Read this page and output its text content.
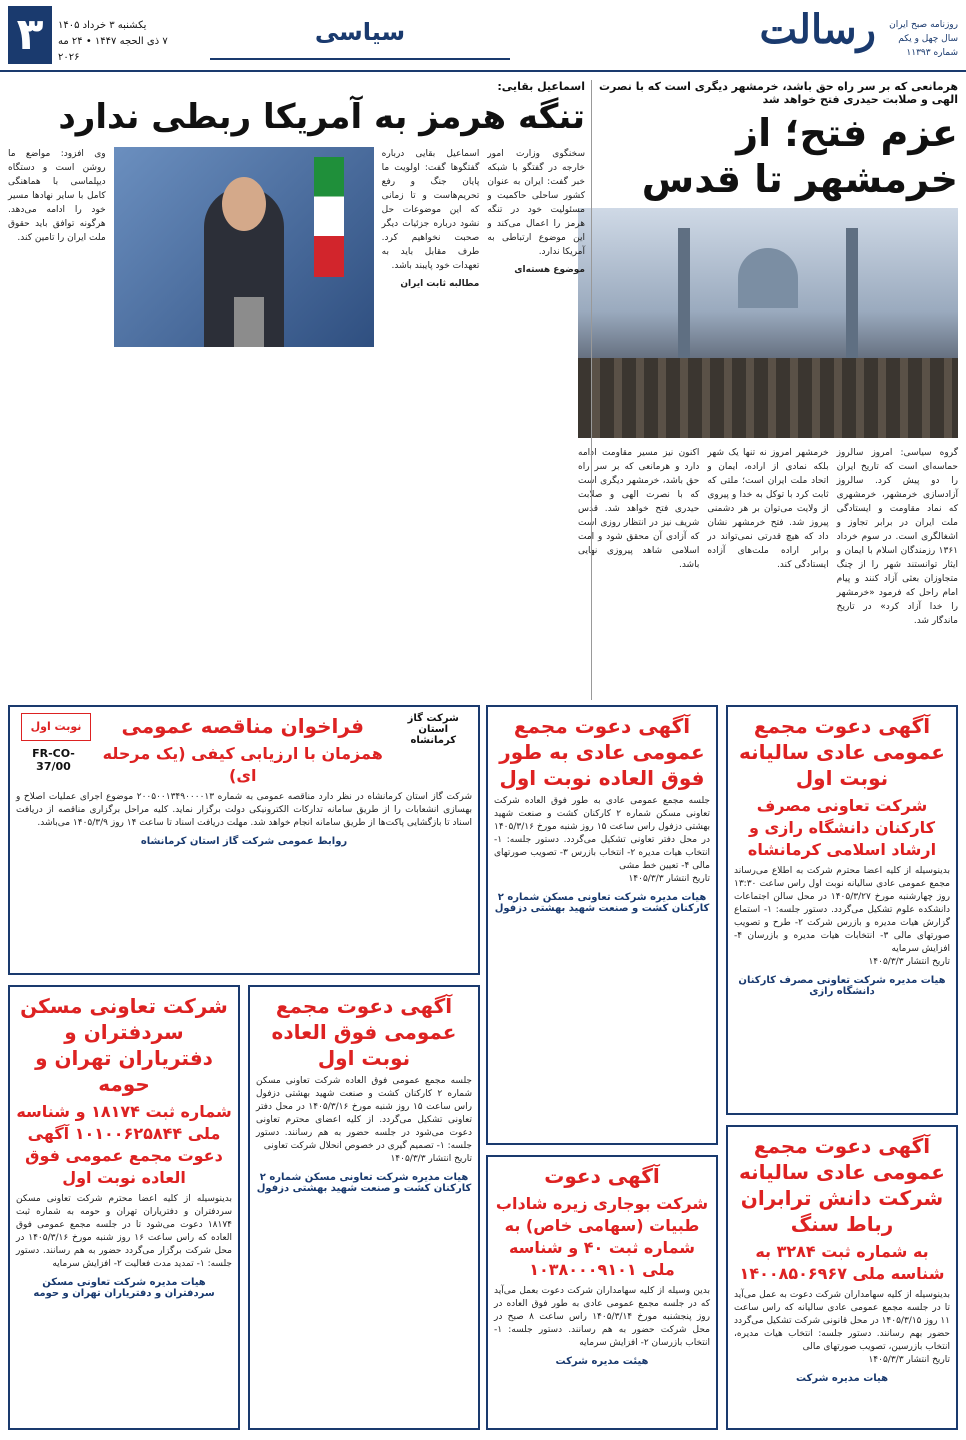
۳	یکشنبه ۳ خرداد ۱۴۰۵
۷ ذی الحجه ۱۴۴۷ • ۲۴ مه ۲۰۲۶
سیاسی	رسالت	روزنامه صبح ایران
سال چهل و یکم
شماره ۱۱۳۹۳
هرمانعی که بر سر راه حق باشد، خرمشهر دیگری است که با نصرت الهی و صلابت حیدری فتح خواهد شد
عزم فتح؛ از خرمشهر تا قدس
گروه سیاسی: امروز سالروز حماسه‌ای است که تاریخ ایران را دو پیش کرد. سالروز آزادسازی خرمشهر، خرمشهری که نماد مقاومت و ایستادگی ملت ایران در برابر تجاوز و اشغالگری است. در سوم خرداد ۱۳۶۱ رزمندگان اسلام با ایمان و ایثار توانستند شهر را از چنگ متجاوزان بعثی آزاد کنند و پیام امام راحل که فرمود «خرمشهر را خدا آزاد کرد» در تاریخ ماندگار شد.
خرمشهر امروز نه تنها یک شهر بلکه نمادی از اراده، ایمان و اتحاد ملت ایران است؛ ملتی که ثابت کرد با توکل به خدا و پیروی از ولایت می‌توان بر هر دشمنی پیروز شد. فتح خرمشهر نشان داد که هیچ قدرتی نمی‌تواند در برابر اراده ملت‌های آزاده ایستادگی کند.
اکنون نیز مسیر مقاومت ادامه دارد و هرمانعی که بر سر راه حق باشد، خرمشهر دیگری است که با نصرت الهی و صلابت حیدری فتح خواهد شد. قدس شریف نیز در انتظار روزی است که آزادی آن محقق شود و امت اسلامی شاهد پیروزی نهایی باشد.
اسماعیل بقایی:
تنگه هرمز به آمریکا ربطی ندارد
سخنگوی وزارت امور خارجه در گفتگو با شبکه خبر گفت: ایران به عنوان کشور ساحلی حاکمیت و مسئولیت خود در تنگه هرمز را اعمال می‌کند و این موضوع ارتباطی به آمریکا ندارد.
موضوع هسته‌ای
اسماعیل بقایی درباره گفتگوها گفت: اولویت ما پایان جنگ و رفع تحریم‌هاست و تا زمانی که این موضوعات حل نشود درباره جزئیات دیگر صحبت نخواهیم کرد. طرف مقابل باید به تعهدات خود پایبند باشد.
مطالبه ثابت ایران
وی افزود: مواضع ما روشن است و دستگاه دیپلماسی با هماهنگی کامل با سایر نهادها مسیر خود را ادامه می‌دهد. هرگونه توافق باید حقوق ملت ایران را تامین کند.
آگهی دعوت مجمع عمومی عادی سالیانه نوبت اول
شرکت تعاونی مصرف کارکنان دانشگاه رازی و ارشاد اسلامی کرمانشاه
بدینوسیله از کلیه اعضا محترم شرکت به اطلاع می‌رساند مجمع عمومی عادی سالیانه نوبت اول راس ساعت ۱۳:۳۰ روز چهارشنبه مورخ ۱۴۰۵/۳/۲۷ در محل سالن اجتماعات دانشکده علوم تشکیل می‌گردد. دستور جلسه: ۱- استماع گزارش هیات مدیره و بازرس شرکت ۲- طرح و تصویب صورتهای مالی ۳- انتخابات هیات مدیره و بازرسان ۴- افزایش سرمایه
تاریخ انتشار ۱۴۰۵/۳/۳
هیات مدیره شرکت تعاونی مصرف کارکنان دانشگاه رازی
آگهی دعوت مجمع عمومی عادی به طور فوق العاده نوبت اول
جلسه مجمع عمومی عادی به طور فوق العاده شرکت تعاونی مسکن شماره ۲ کارکنان کشت و صنعت شهید بهشتی دزفول راس ساعت ۱۵ روز شنبه مورخ ۱۴۰۵/۳/۱۶ در محل دفتر تعاونی تشکیل می‌گردد. دستور جلسه: ۱- انتخاب هیات مدیره ۲- انتخاب بازرس ۳- تصویب صورتهای مالی ۴- تعیین خط مشی
تاریخ انتشار ۱۴۰۵/۳/۳
هیات مدیره شرکت تعاونی مسکن شماره ۲ کارکنان کشت و صنعت شهید بهشتی دزفول
شرکت گاز استان کرمانشاه
فراخوان مناقصه عمومی
همزمان با ارزیابی کیفی (یک مرحله ای)
نوبت اول
FR-CO-37/00
شرکت گاز استان کرمانشاه در نظر دارد مناقصه عمومی به شماره ۲۰۰۵۰۰۱۳۴۹۰۰۰۰۱۳ موضوع اجرای عملیات اصلاح و بهسازی انشعابات را از طریق سامانه تدارکات الکترونیکی دولت برگزار نماید. کلیه مراحل برگزاری مناقصه از دریافت اسناد تا بازگشایی پاکت‌ها از طریق سامانه انجام خواهد شد. مهلت دریافت اسناد تا ساعت ۱۴ روز ۱۴۰۵/۳/۹ می‌باشد.
روابط عمومی شرکت گاز استان کرمانشاه
آگهی دعوت مجمع عمومی عادی سالیانه شرکت دانش ترابران رباط سنگ
به شماره ثبت ۳۲۸۴ به شناسه ملی ۱۴۰۰۸۵۰۶۹۶۷
بدینوسیله از کلیه سهامداران شرکت دعوت به عمل می‌آید تا در جلسه مجمع عمومی عادی سالیانه که راس ساعت ۱۱ روز ۱۴۰۵/۳/۱۵ در محل قانونی شرکت تشکیل می‌گردد حضور بهم رسانند. دستور جلسه: انتخاب هیات مدیره، انتخاب بازرسین، تصویب صورتهای مالی
تاریخ انتشار ۱۴۰۵/۳/۳
هیات مدیره شرکت
آگهی دعوت
شرکت بوجاری زیره شاداب طبیات (سهامی خاص) به شماره ثبت ۴۰ و شناسه ملی ۱۰۳۸۰۰۰۹۱۰۱
بدین وسیله از کلیه سهامداران شرکت دعوت بعمل می‌آید که در جلسه مجمع عمومی عادی به طور فوق العاده در روز پنجشنبه مورخ ۱۴۰۵/۳/۱۴ راس ساعت ۸ صبح در محل شرکت حضور به هم رسانند. دستور جلسه: ۱- انتخاب بازرسان ۲- افزایش سرمایه
هیئت مدیره شرکت
آگهی دعوت مجمع عمومی فوق العاده نوبت اول
جلسه مجمع عمومی فوق العاده شرکت تعاونی مسکن شماره ۲ کارکنان کشت و صنعت شهید بهشتی دزفول راس ساعت ۱۵ روز شنبه مورخ ۱۴۰۵/۳/۱۶ در محل دفتر تعاونی تشکیل می‌گردد. از کلیه اعضای محترم تعاونی دعوت می‌شود در جلسه حضور به هم رسانند. دستور جلسه: ۱- تصمیم گیری در خصوص انحلال شرکت تعاونی
تاریخ انتشار ۱۴۰۵/۳/۳
هیات مدیره شرکت تعاونی مسکن شماره ۲ کارکنان کشت و صنعت شهید بهشتی دزفول
شرکت تعاونی مسکن سردفتران و دفتریاران تهران و حومه
شماره ثبت ۱۸۱۷۴ و شناسه ملی ۱۰۱۰۰۶۲۵۸۴۴ آگهی دعوت مجمع عمومی فوق العاده نوبت اول
بدینوسیله از کلیه اعضا محترم شرکت تعاونی مسکن سردفتران و دفتریاران تهران و حومه به شماره ثبت ۱۸۱۷۴ دعوت می‌شود تا در جلسه مجمع عمومی فوق العاده که راس ساعت ۱۶ روز شنبه مورخ ۱۴۰۵/۳/۱۶ در محل شرکت برگزار می‌گردد حضور به هم رسانند. دستور جلسه: ۱- تمدید مدت فعالیت ۲- افزایش سرمایه
هیات مدیره شرکت تعاونی مسکن سردفتران و دفتریاران تهران و حومه
